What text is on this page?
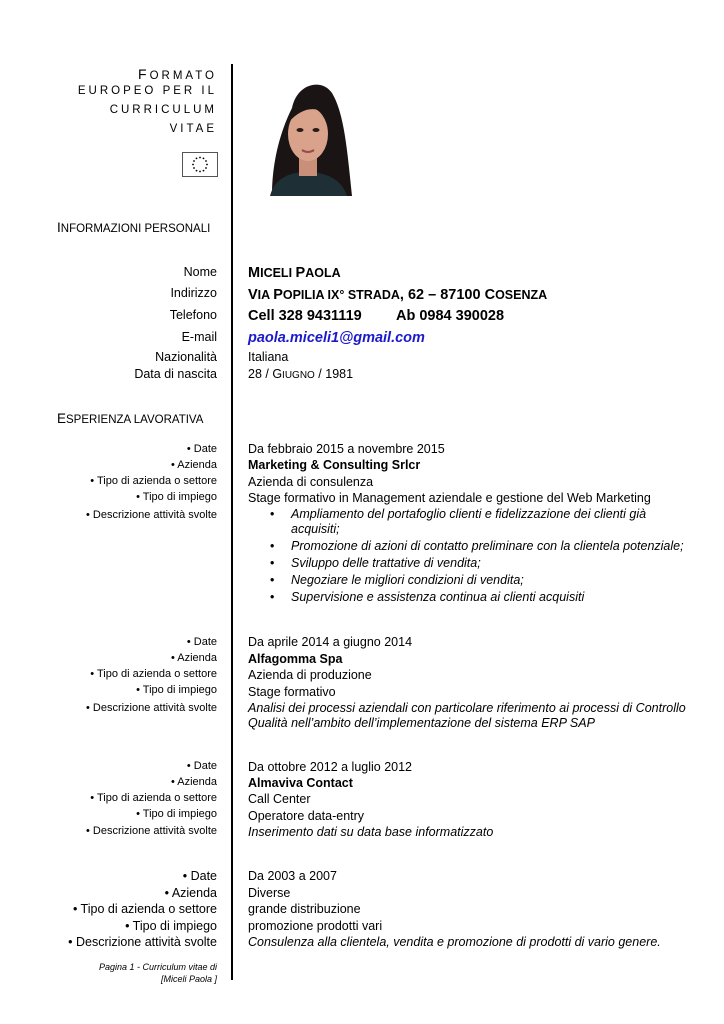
FORMATO
EUROPEO PER IL
CURRICULUM
VITAE
INFORMAZIONI PERSONALI
Nome
Indirizzo
Telefono
E-mail
Nazionalità
Data di nascita
MICELI PAOLA
VIA POPILIA IX° STRADA, 62 – 87100 COSENZA
Cell 328 9431119 Ab 0984 390028
paola.miceli1@gmail.com
Italiana
28 / GIUGNO / 1981
ESPERIENZA LAVORATIVA
• Date
• Azienda
• Tipo di azienda o settore
• Tipo di impiego
• Descrizione attività svolte
Da febbraio 2015 a novembre 2015
Marketing & Consulting Srlcr
Azienda di consulenza
Stage formativo in Management aziendale e gestione del Web Marketing
• Ampliamento del portafoglio clienti e fidelizzazione dei clienti già acquisiti;
• Promozione di azioni di contatto preliminare con la clientela potenziale;
• Sviluppo delle trattative di vendita;
• Negoziare le migliori condizioni di vendita;
• Supervisione e assistenza continua ai clienti acquisiti
• Date
• Azienda
• Tipo di azienda o settore
• Tipo di impiego
• Descrizione attività svolte
Da aprile 2014 a giugno 2014
Alfagomma Spa
Azienda di produzione
Stage formativo
Analisi dei processi aziendali con particolare riferimento ai processi di Controllo Qualità nell’ambito dell’implementazione del sistema ERP SAP
• Date
• Azienda
• Tipo di azienda o settore
• Tipo di impiego
• Descrizione attività svolte
Da ottobre 2012 a luglio 2012
Almaviva Contact
Call Center
Operatore data-entry
Inserimento dati su data base informatizzato
• Date
• Azienda
• Tipo di azienda o settore
• Tipo di impiego
• Descrizione attività svolte
Da 2003 a 2007
Diverse
grande distribuzione
promozione prodotti vari
Consulenza alla clientela, vendita e promozione di prodotti di vario genere.
Pagina 1 - Curriculum vitae di
[Miceli Paola ]
